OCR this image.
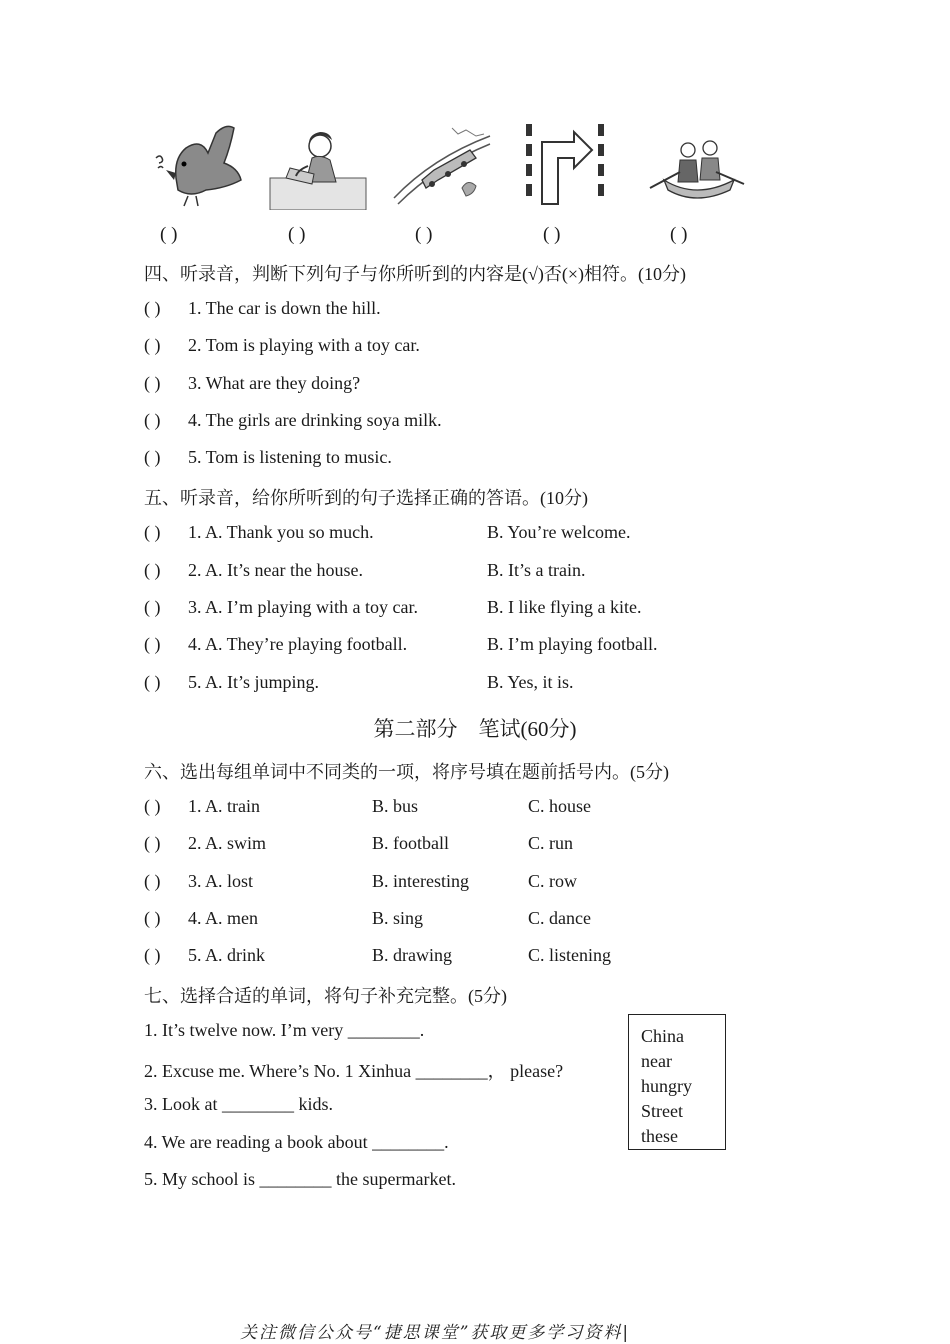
( )	( )	( )	( )	( )
四、听录音，判断下列句子与你所听到的内容是(√)否(×)相符。(10分)
( ) 1. The car is down the hill.
( ) 2. Tom is playing with a toy car.
( ) 3. What are they doing?
( ) 4. The girls are drinking soya milk.
( ) 5. Tom is listening to music.
五、听录音，给你所听到的句子选择正确的答语。(10分)
( ) 1. A. Thank you so much.	B. You’re welcome.
( ) 2. A. It’s near the house.	B. It’s a train.
( ) 3. A. I’m playing with a toy car.	B. I like flying a kite.
( ) 4. A. They’re playing football.	B. I’m playing football.
( ) 5. A. It’s jumping.	B. Yes, it is.
第二部分　笔试(60分)
六、选出每组单词中不同类的一项，将序号填在题前括号内。(5分)
( ) 1. A. train	B. bus	C. house
( ) 2. A. swim	B. football	C. run
( ) 3. A. lost	B. interesting	C. row
( ) 4. A. men	B. sing	C. dance
( ) 5. A. drink	B. drawing	C. listening
七、选择合适的单词，将句子补充完整。(5分)
1. It’s twelve now. I’m very ________.
2. Excuse me. Where’s No. 1 Xinhua ________， please?
3. Look at ________ kids.
4. We are reading a book about ________.
5. My school is ________ the supermarket.
China
near
hungry
Street
these
关注微信公众号“捷思课堂”获取更多学习资料|
